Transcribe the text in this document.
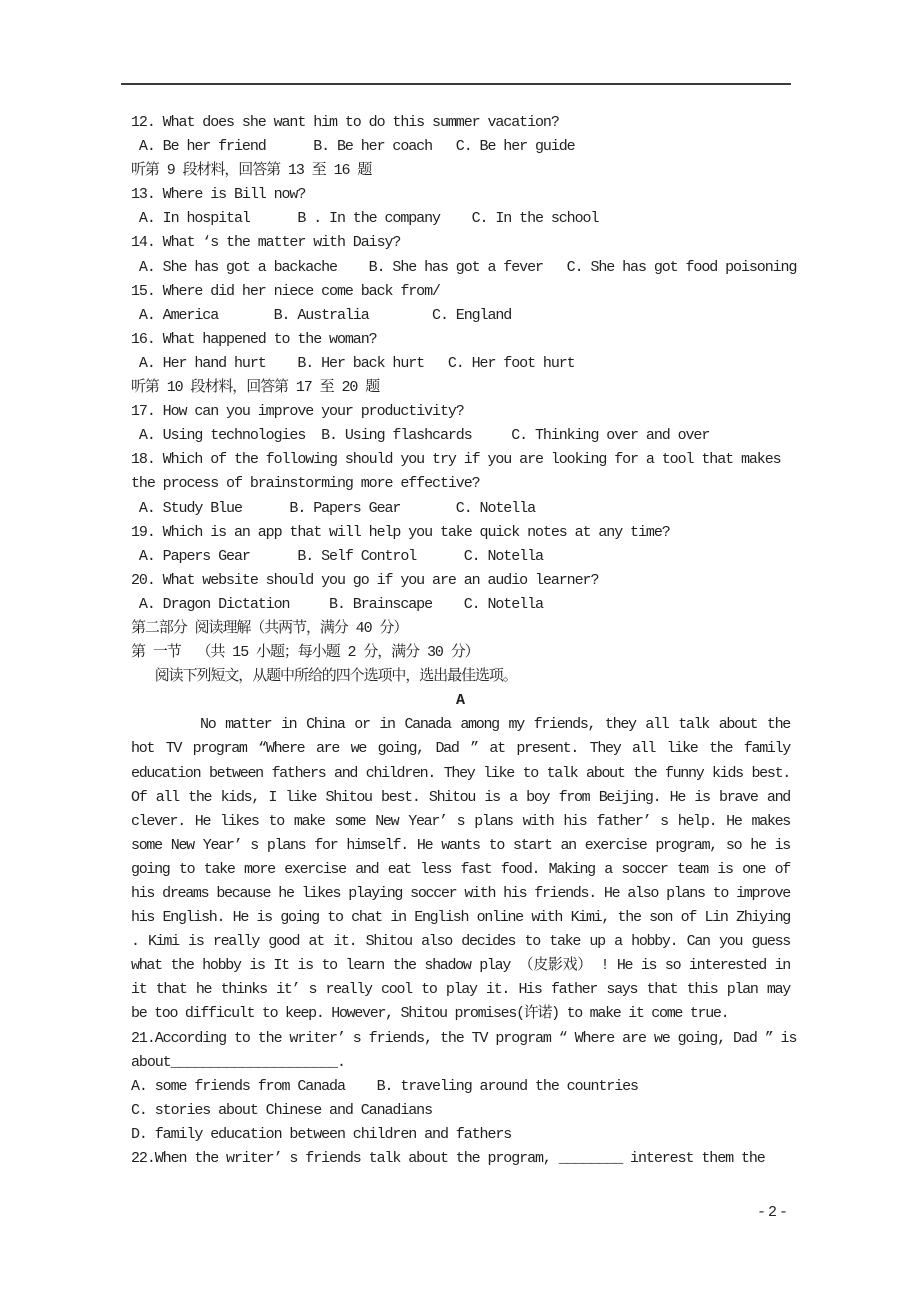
12. What does she want him to do this summer vacation?
A. Be her friend      B. Be her coach   C. Be her guide
听第 9 段材料，回答第 13 至 16 题
13. Where is Bill now?
A. In hospital      B . In the company    C. In the school
14. What ‘s the matter with Daisy?
A. She has got a backache    B. She has got a fever   C. She has got food poisoning
15. Where did her niece come back from/
A. America       B. Australia        C. England
16. What happened to the woman?
A. Her hand hurt    B. Her back hurt   C. Her foot hurt
听第 10 段材料，回答第 17 至 20 题
17. How can you improve your productivity?
A. Using technologies  B. Using flashcards     C. Thinking over and over
18. Which of the following should you try if you are looking for a tool that makes
the process of brainstorming more effective?
A. Study Blue      B. Papers Gear       C. Notella
19. Which is an app that will help you take quick notes at any time?
A. Papers Gear      B. Self Control      C. Notella
20. What website should you go if you are an audio learner?
A. Dragon Dictation     B. Brainscape    C. Notella
第二部分 阅读理解（共两节，满分 40 分）
第 一节  （共 15 小题；每小题 2 分，满分 30 分）
阅读下列短文，从题中所给的四个选项中，选出最佳选项。
A
No matter in China or in Canada among my friends, they all talk about the
hot TV program “Where are we going, Dad ” at present. They all like the family
education between fathers and children. They like to talk about the funny kids best.
Of all the kids, I like Shitou best. Shitou is a boy from Beijing. He is brave and
clever. He likes to make some New Year’ s plans with his father’ s help. He makes
some New Year’ s plans for himself. He wants to start an exercise program, so he is
going to take more exercise and eat less fast food. Making a soccer team is one of
his dreams because he likes playing soccer with his friends. He also plans to improve
his English. He is going to chat in English online with Kimi, the son of Lin Zhiying
. Kimi is really good at it. Shitou also decides to take up a hobby. Can you guess
what the hobby is It is to learn the shadow play （皮影戏） ! He is so interested in
it that he thinks it’ s really cool to play it. His father says that this plan may
be too difficult to keep. However, Shitou promises(许诺) to make it come true.
21.According to the writer’ s friends, the TV program “ Where are we going, Dad ” is
about_____________________.
A. some friends from Canada    B. traveling around the countries
C. stories about Chinese and Canadians
D. family education between children and fathers
22.When the writer’ s friends talk about the program, ________ interest them the
-2-
